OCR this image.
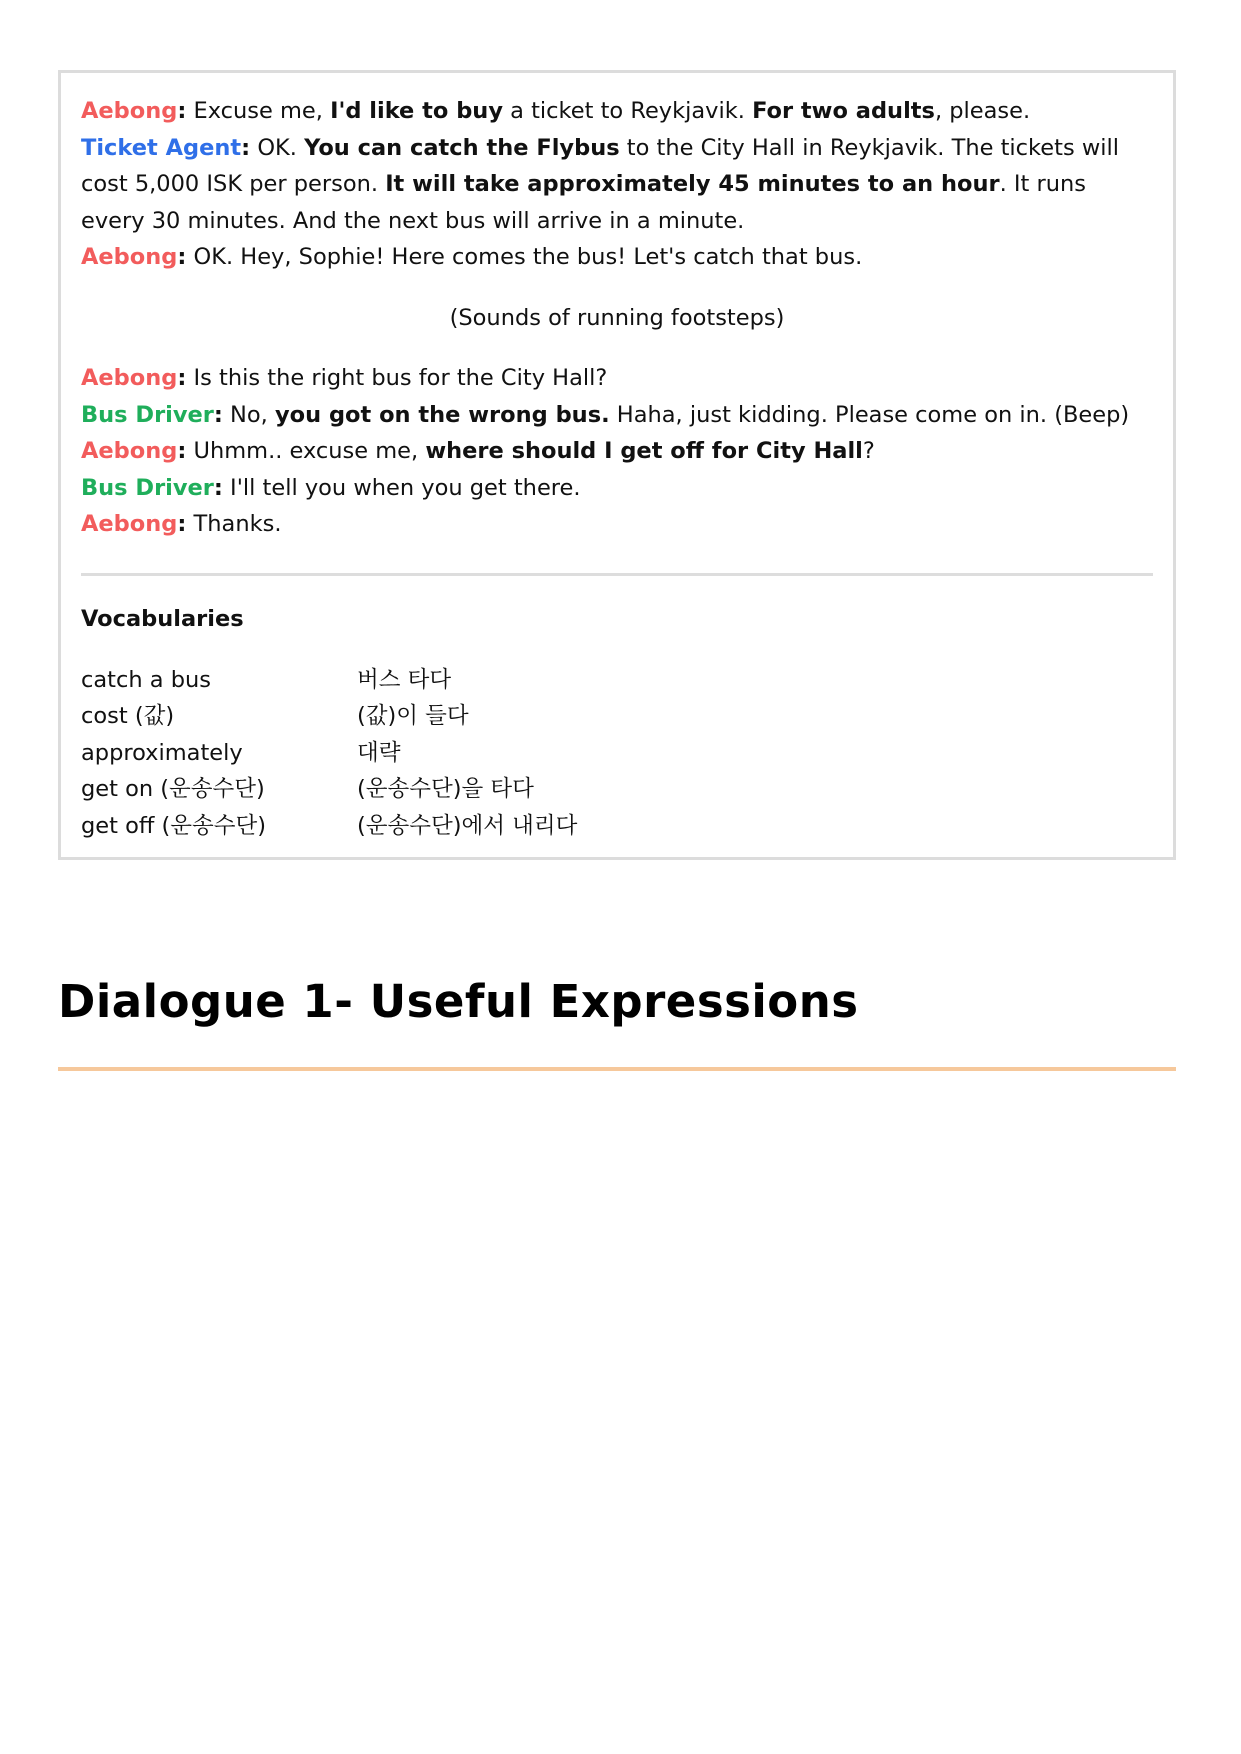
Aebong: Excuse me, I'd like to buy a ticket to Reykjavik. For two adults, please.

Ticket Agent: OK. You can catch the Flybus to the City Hall in Reykjavik. The tickets will cost 5,000 ISK per person. It will take approximately 45 minutes to an hour. It runs every 30 minutes. And the next bus will arrive in a minute.

Aebong: OK. Hey, Sophie! Here comes the bus! Let's catch that bus.

(Sounds of running footsteps)

Aebong: Is this the right bus for the City Hall?

Bus Driver: No, you got on the wrong bus. Haha, just kidding. Please come on in. (Beep)

Aebong: Uhmm.. excuse me, where should I get off for City Hall?

Bus Driver: I'll tell you when you get there.

Aebong: Thanks.

Vocabularies
catch a bus	버스 타다
cost (값)	(값)이 들다
approximately	대략
get on (운송수단)	(운송수단)을 타다
get off (운송수단)	(운송수단)에서 내리다
Dialogue 1- Useful Expressions
